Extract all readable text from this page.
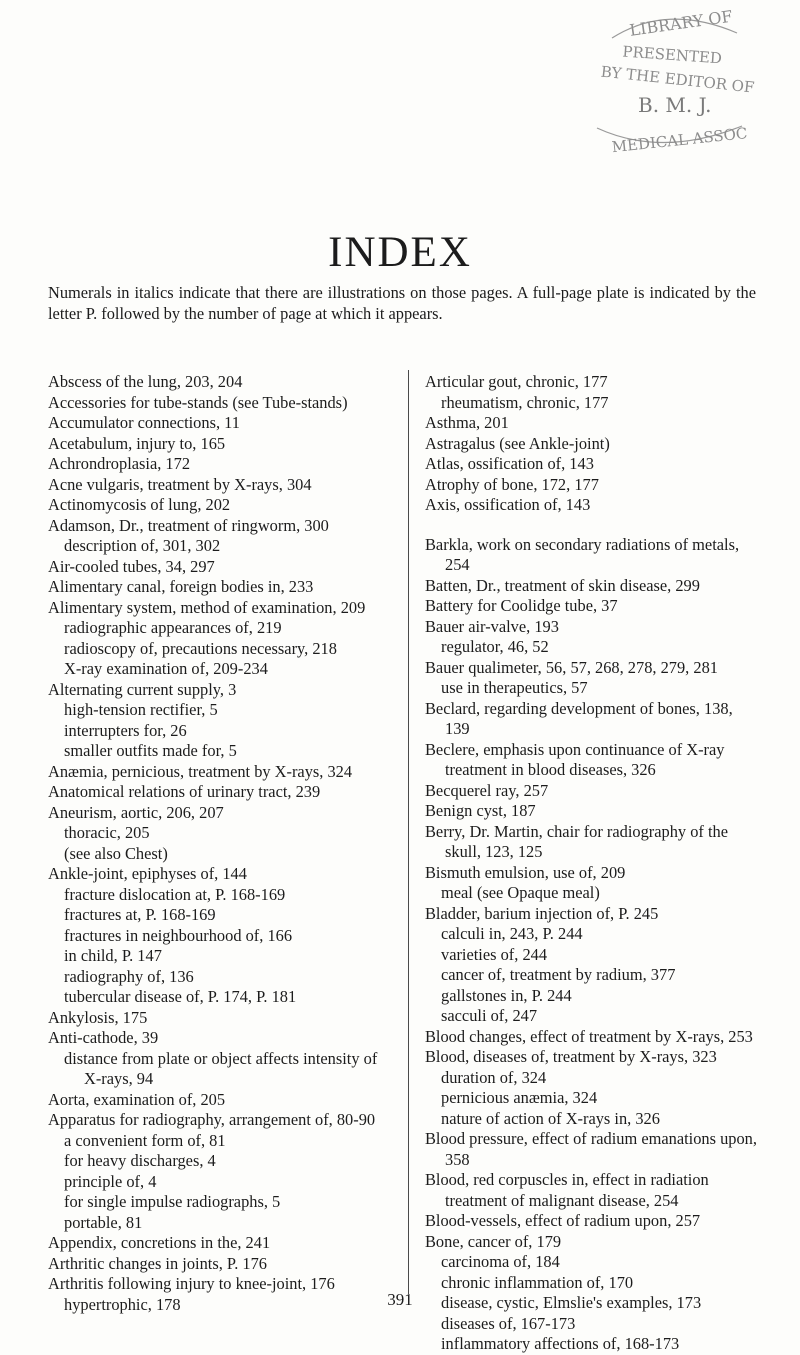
LIBRARY OF
PRESENTED
BY THE EDITOR OF
B. M. J.
MEDICAL ASSOC
INDEX
Numerals in italics indicate that there are illustrations on those pages. A full-page plate is indicated by the letter P. followed by the number of page at which it appears.
Abscess of the lung, 203, 204
Accessories for tube-stands (see Tube-stands)
Accumulator connections, 11
Acetabulum, injury to, 165
Achrondroplasia, 172
Acne vulgaris, treatment by X-rays, 304
Actinomycosis of lung, 202
Adamson, Dr., treatment of ringworm, 300
description of, 301, 302
Air-cooled tubes, 34, 297
Alimentary canal, foreign bodies in, 233
Alimentary system, method of examination, 209
radiographic appearances of, 219
radioscopy of, precautions necessary, 218
X-ray examination of, 209-234
Alternating current supply, 3
high-tension rectifier, 5
interrupters for, 26
smaller outfits made for, 5
Anæmia, pernicious, treatment by X-rays, 324
Anatomical relations of urinary tract, 239
Aneurism, aortic, 206, 207
thoracic, 205
(see also Chest)
Ankle-joint, epiphyses of, 144
fracture dislocation at, P. 168-169
fractures at, P. 168-169
fractures in neighbourhood of, 166
in child, P. 147
radiography of, 136
tubercular disease of, P. 174, P. 181
Ankylosis, 175
Anti-cathode, 39
distance from plate or object affects intensity of X-rays, 94
Aorta, examination of, 205
Apparatus for radiography, arrangement of, 80-90
a convenient form of, 81
for heavy discharges, 4
principle of, 4
for single impulse radiographs, 5
portable, 81
Appendix, concretions in the, 241
Arthritic changes in joints, P. 176
Arthritis following injury to knee-joint, 176
hypertrophic, 178
Articular gout, chronic, 177
rheumatism, chronic, 177
Asthma, 201
Astragalus (see Ankle-joint)
Atlas, ossification of, 143
Atrophy of bone, 172, 177
Axis, ossification of, 143
Barkla, work on secondary radiations of metals, 254
Batten, Dr., treatment of skin disease, 299
Battery for Coolidge tube, 37
Bauer air-valve, 193
regulator, 46, 52
Bauer qualimeter, 56, 57, 268, 278, 279, 281
use in therapeutics, 57
Beclard, regarding development of bones, 138, 139
Beclere, emphasis upon continuance of X-ray treatment in blood diseases, 326
Becquerel ray, 257
Benign cyst, 187
Berry, Dr. Martin, chair for radiography of the skull, 123, 125
Bismuth emulsion, use of, 209
meal (see Opaque meal)
Bladder, barium injection of, P. 245
calculi in, 243, P. 244
varieties of, 244
cancer of, treatment by radium, 377
gallstones in, P. 244
sacculi of, 247
Blood changes, effect of treatment by X-rays, 253
Blood, diseases of, treatment by X-rays, 323
duration of, 324
pernicious anæmia, 324
nature of action of X-rays in, 326
Blood pressure, effect of radium emanations upon, 358
Blood, red corpuscles in, effect in radiation treatment of malignant disease, 254
Blood-vessels, effect of radium upon, 257
Bone, cancer of, 179
carcinoma of, 184
chronic inflammation of, 170
disease, cystic, Elmslie's examples, 173
diseases of, 167-173
inflammatory affections of, 168-173
391
